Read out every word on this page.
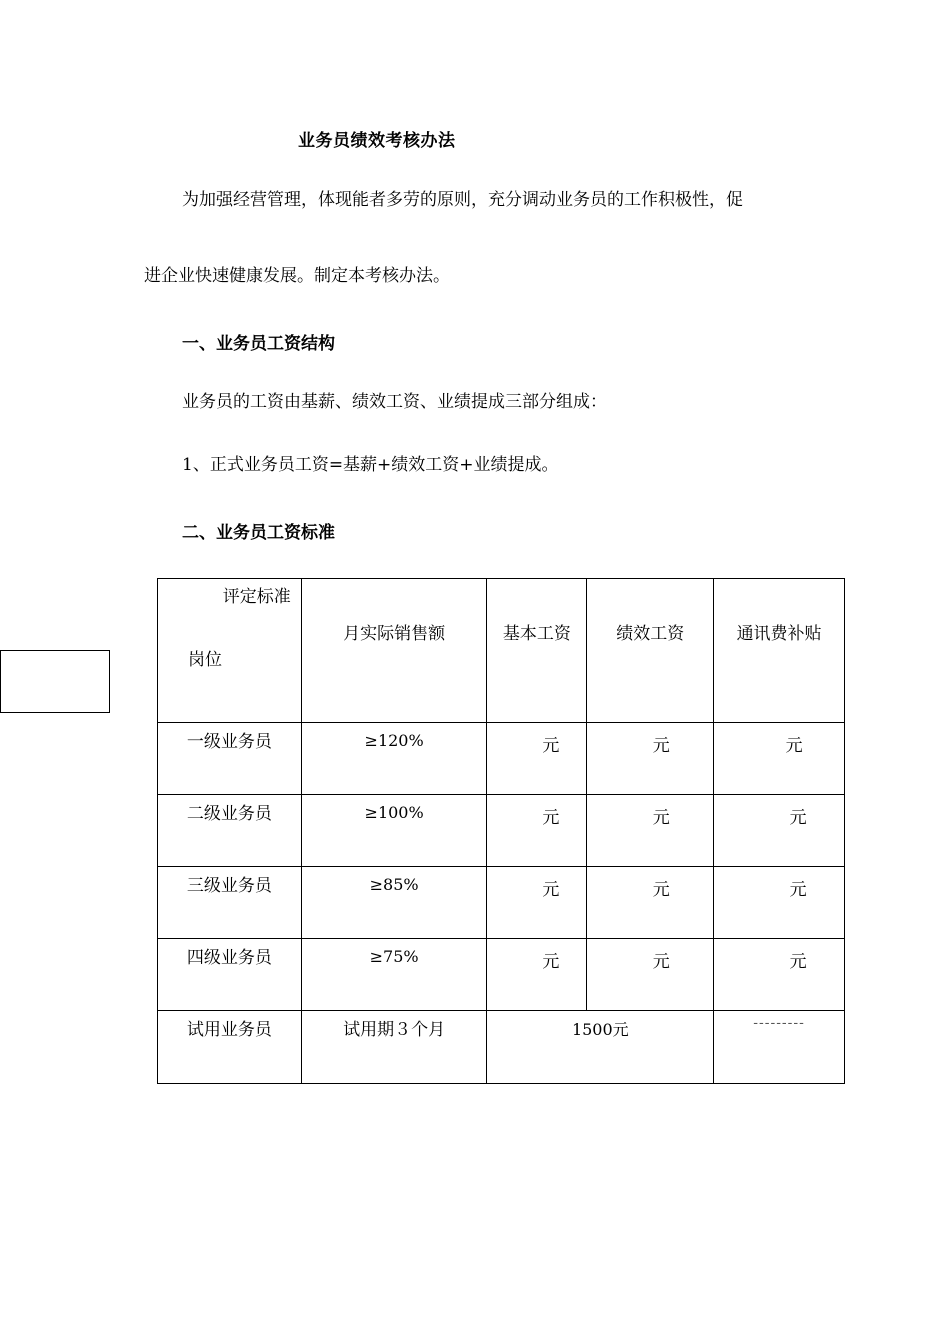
业务员绩效考核办法
为加强经营管理，体现能者多劳的原则，充分调动业务员的工作积极性，促
进企业快速健康发展。制定本考核办法。
一、业务员工资结构
业务员的工资由基薪、绩效工资、业绩提成三部分组成：
1、正式业务员工资=基薪+绩效工资+业绩提成。
二、业务员工资标准
评定标准
岗位	月实际销售额	基本工资	绩效工资	通讯费补贴

一级业务员	≥120%	元	元	元

二级业务员	≥100%	元	元	元

三级业务员	≥85%	元	元	元

四级业务员	≥75%	元	元	元

试用业务员	试用期３个月	1500元		---------
